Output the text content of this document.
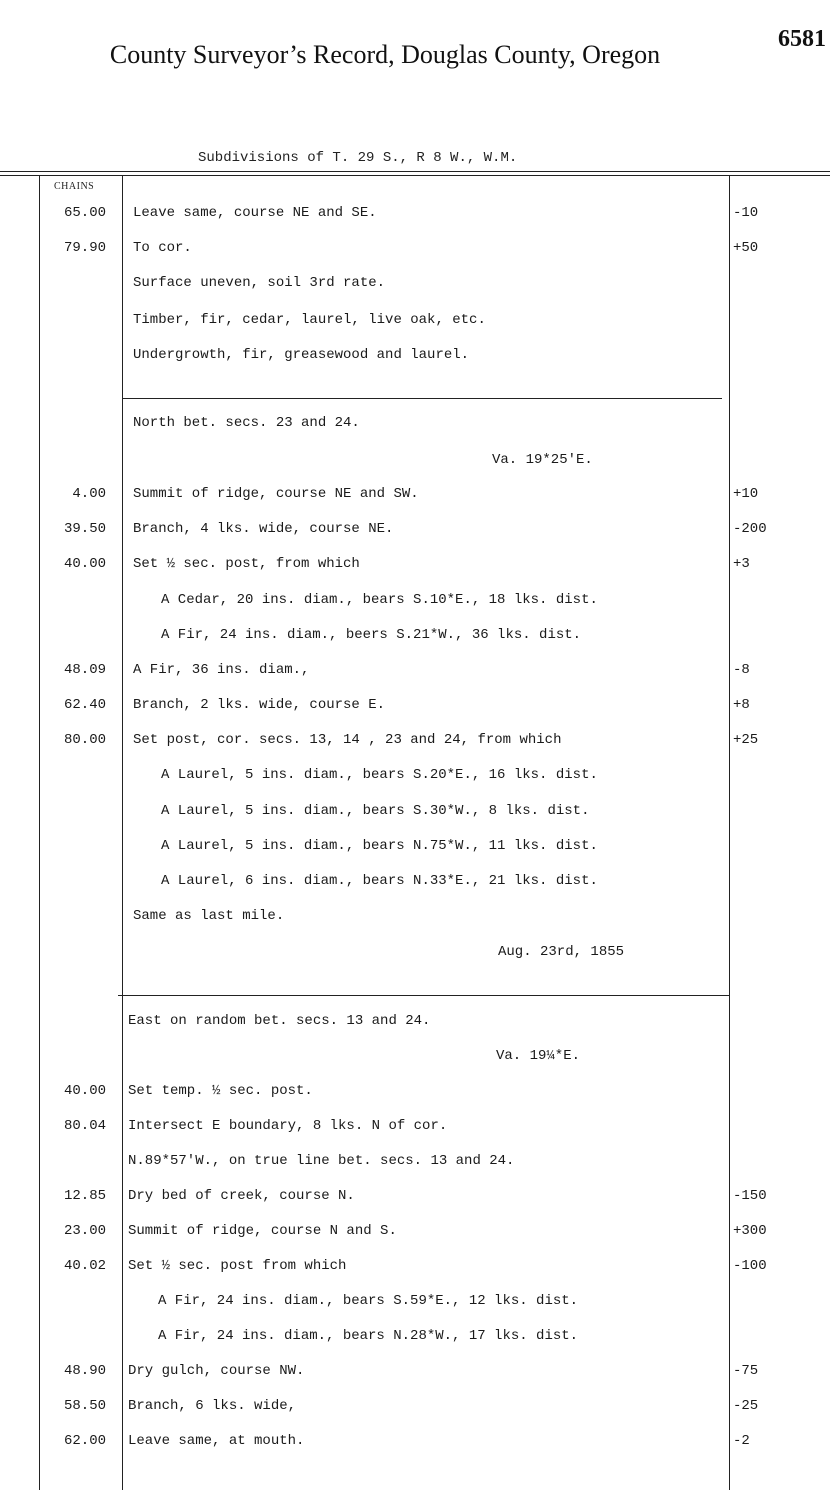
County Surveyor’s Record, Douglas County, Oregon
6581
Subdivisions of T. 29 S., R 8 W., W.M.
CHAINS
65.00 Leave same, course NE and SE.	-10
79.90 To cor.	+50
Surface uneven, soil 3rd rate.
Timber, fir, cedar, laurel, live oak, etc.
Undergrowth, fir, greasewood and laurel.
North bet. secs. 23 and 24.
Va. 19*25'E.
4.00 Summit of ridge, course NE and SW.	+10
39.50 Branch, 4 lks. wide, course NE.	-200
40.00 Set ½ sec. post, from which	+3
A Cedar, 20 ins. diam., bears S.10*E., 18 lks. dist.
A Fir, 24 ins. diam., beers S.21*W., 36 lks. dist.
48.09 A Fir, 36 ins. diam.,	-8
62.40 Branch, 2 lks. wide, course E.	+8
80.00 Set post, cor. secs. 13, 14 , 23 and 24, from which	+25
A Laurel, 5 ins. diam., bears S.20*E., 16 lks. dist.
A Laurel, 5 ins. diam., bears S.30*W., 8 lks. dist.
A Laurel, 5 ins. diam., bears N.75*W., 11 lks. dist.
A Laurel, 6 ins. diam., bears N.33*E., 21 lks. dist.
Same as last mile.
Aug. 23rd, 1855
East on random bet. secs. 13 and 24.
Va. 19¼*E.
40.00 Set temp. ½ sec. post.
80.04 Intersect E boundary, 8 lks. N of cor.
N.89*57'W., on true line bet. secs. 13 and 24.
12.85 Dry bed of creek, course N.	-150
23.00 Summit of ridge, course N and S.	+300
40.02 Set ½ sec. post from which	-100
A Fir, 24 ins. diam., bears S.59*E., 12 lks. dist.
A Fir, 24 ins. diam., bears N.28*W., 17 lks. dist.
48.90 Dry gulch, course NW.	-75
58.50 Branch, 6 lks. wide,	-25
62.00 Leave same, at mouth.	-2
